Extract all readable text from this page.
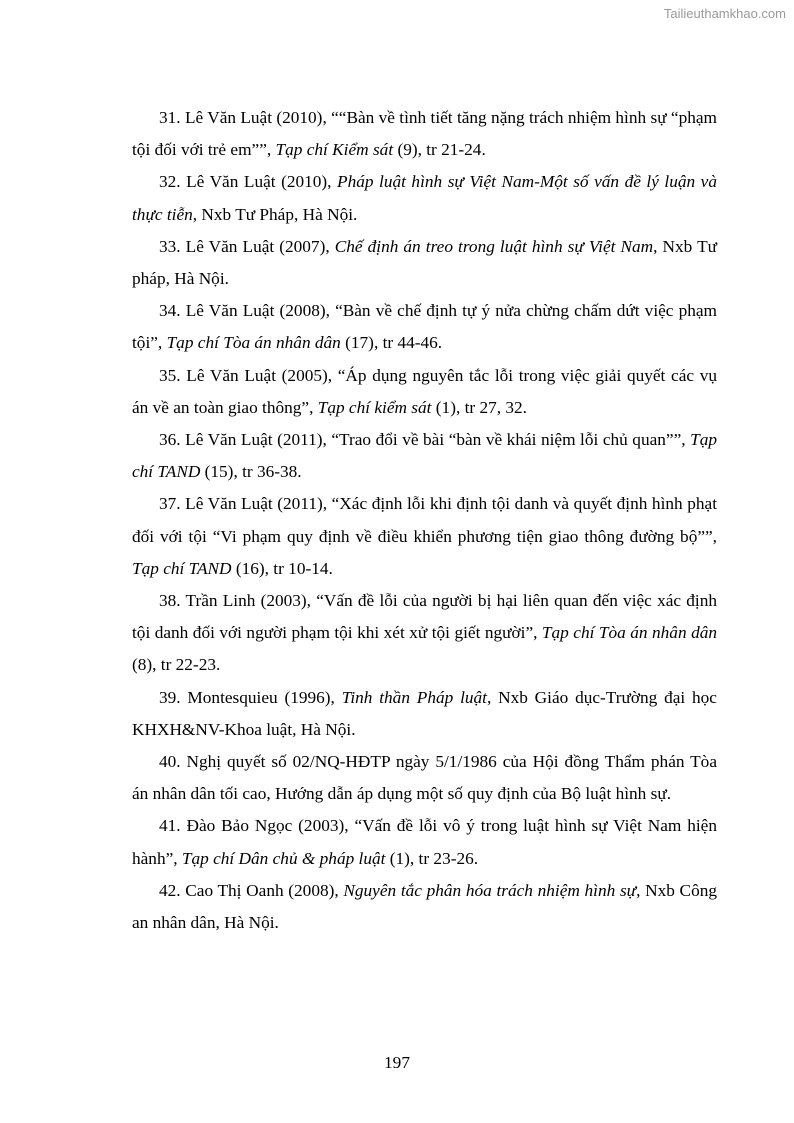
Tailieuthamkhao.com

31. Lê Văn Luật (2010), ““Bàn về tình tiết tăng nặng trách nhiệm hình sự “phạm tội đối với trẻ em””, Tạp chí Kiểm sát (9), tr 21-24.

32. Lê Văn Luật (2010), Pháp luật hình sự Việt Nam-Một số vấn đề lý luận và thực tiễn, Nxb Tư Pháp, Hà Nội.

33. Lê Văn Luật (2007), Chế định án treo trong luật hình sự Việt Nam, Nxb Tư pháp, Hà Nội.

34. Lê Văn Luật (2008), “Bàn về chế định tự ý nửa chừng chấm dứt việc phạm tội”, Tạp chí Tòa án nhân dân (17), tr 44-46.

35. Lê Văn Luật (2005), “Áp dụng nguyên tắc lỗi trong việc giải quyết các vụ án về an toàn giao thông”, Tạp chí kiểm sát (1), tr 27, 32.

36. Lê Văn Luật (2011), “Trao đổi về bài “bàn về khái niệm lỗi chủ quan””, Tạp chí TAND (15), tr 36-38.

37. Lê Văn Luật (2011), “Xác định lỗi khi định tội danh và quyết định hình phạt đối với tội “Vi phạm quy định về điều khiển phương tiện giao thông đường bộ””, Tạp chí TAND (16), tr 10-14.

38. Trần Linh (2003), “Vấn đề lỗi của người bị hại liên quan đến việc xác định tội danh đối với người phạm tội khi xét xử tội giết người”, Tạp chí Tòa án nhân dân (8), tr 22-23.

39. Montesquieu (1996), Tinh thần Pháp luật, Nxb Giáo dục-Trường đại học KHXH&NV-Khoa luật, Hà Nội.

40. Nghị quyết số 02/NQ-HĐTP ngày 5/1/1986 của Hội đồng Thẩm phán Tòa án nhân dân tối cao, Hướng dẫn áp dụng một số quy định của Bộ luật hình sự.

41. Đào Bảo Ngọc (2003), “Vấn đề lỗi vô ý trong luật hình sự Việt Nam hiện hành”, Tạp chí Dân chủ & pháp luật (1), tr 23-26.

42. Cao Thị Oanh (2008), Nguyên tắc phân hóa trách nhiệm hình sự, Nxb Công an nhân dân, Hà Nội.

197
